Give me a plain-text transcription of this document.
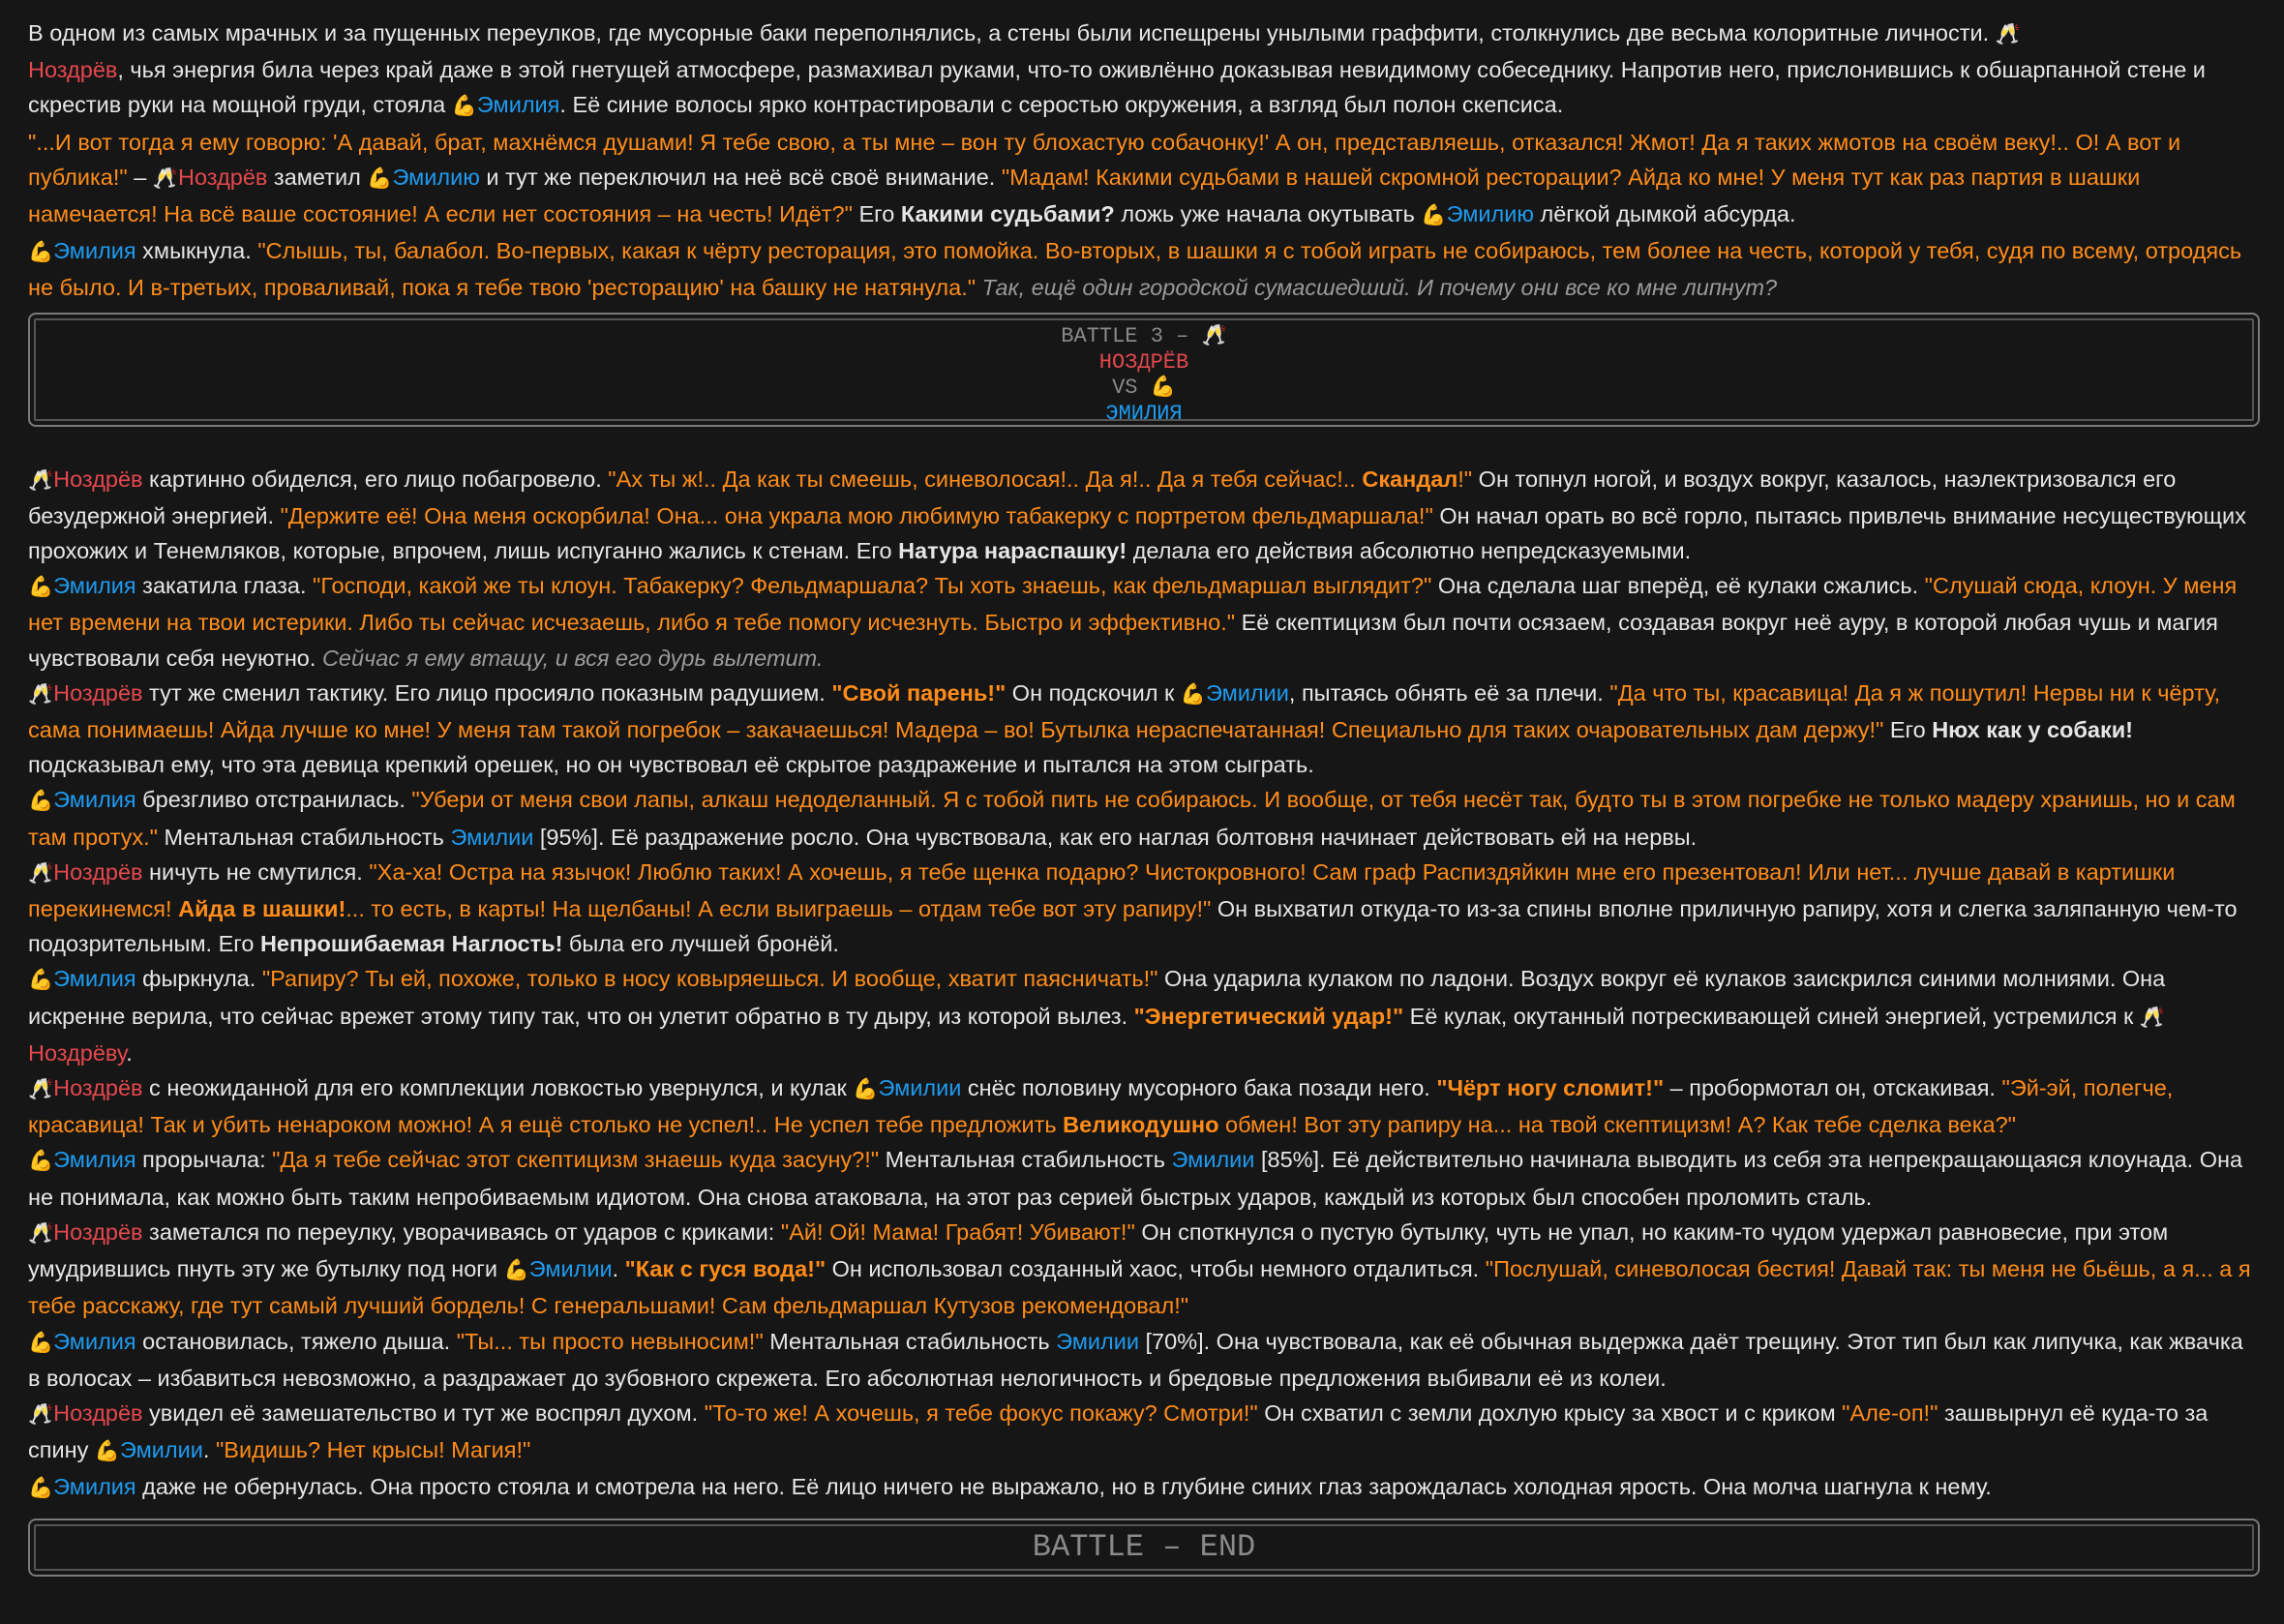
В одном из самых мрачных и за пущенных переулков, где мусорные баки переполнялись, а стены были испещрены унылыми граффити, столкнулись две весьма колоритные личности. 🥂
Ноздрёв, чья энергия била через край даже в этой гнетущей атмосфере, размахивал руками, что-то оживлённо доказывая невидимому собеседнику. Напротив него, прислонившись к обшарпанной стене и скрестив руки на мощной груди, стояла 💪Эмилия. Её синие волосы ярко контрастировали с серостью окружения, а взгляд был полон скепсиса.
"...И вот тогда я ему говорю: 'А давай, брат, махнёмся душами! Я тебе свою, а ты мне – вон ту блохастую собачонку!' А он, представляешь, отказался! Жмот! Да я таких жмотов на своём веку!.. О! А вот и публика!" – 🥂Ноздрёв заметил 💪Эмилию и тут же переключил на неё всё своё внимание. "Мадам! Какими судьбами в нашей скромной ресторации? Айда ко мне! У меня тут как раз партия в шашки намечается! На всё ваше состояние! А если нет состояния – на честь! Идёт?" Его Какими судьбами? ложь уже начала окутывать 💪Эмилию лёгкой дымкой абсурда.
💪Эмилия хмыкнула. "Слышь, ты, балабол. Во-первых, какая к чёрту ресторация, это помойка. Во-вторых, в шашки я с тобой играть не собираюсь, тем более на честь, которой у тебя, судя по всему, отродясь не было. И в-третьих, проваливай, пока я тебе твою 'ресторацию' на башку не натянула." Так, ещё один городской сумасшедший. И почему они все ко мне липнут?

BATTLE 3 – 🥂
НОЗДРЁВ
VS 💪
ЭМИЛИЯ

🥂Ноздрёв картинно обиделся, его лицо побагровело. "Ах ты ж!.. Да как ты смеешь, синеволосая!.. Да я!.. Да я тебя сейчас!.. Скандал!" Он топнул ногой, и воздух вокруг, казалось, наэлектризовался его безудержной энергией. "Держите её! Она меня оскорбила! Она... она украла мою любимую табакерку с портретом фельдмаршала!" Он начал орать во всё горло, пытаясь привлечь внимание несуществующих прохожих и Тенемляков, которые, впрочем, лишь испуганно жались к стенам. Его Натура нараспашку! делала его действия абсолютно непредсказуемыми.
💪Эмилия закатила глаза. "Господи, какой же ты клоун. Табакерку? Фельдмаршала? Ты хоть знаешь, как фельдмаршал выглядит?" Она сделала шаг вперёд, её кулаки сжались. "Слушай сюда, клоун. У меня нет времени на твои истерики. Либо ты сейчас исчезаешь, либо я тебе помогу исчезнуть. Быстро и эффективно." Её скептицизм был почти осязаем, создавая вокруг неё ауру, в которой любая чушь и магия чувствовали себя неуютно. Сейчас я ему втащу, и вся его дурь вылетит.
🥂Ноздрёв тут же сменил тактику. Его лицо просияло показным радушием. "Свой парень!" Он подскочил к 💪Эмилии, пытаясь обнять её за плечи. "Да что ты, красавица! Да я ж пошутил! Нервы ни к чёрту, сама понимаешь! Айда лучше ко мне! У меня там такой погребок – закачаешься! Мадера – во! Бутылка нераспечатанная! Специально для таких очаровательных дам держу!" Его Нюх как у собаки! подсказывал ему, что эта девица крепкий орешек, но он чувствовал её скрытое раздражение и пытался на этом сыграть.
💪Эмилия брезгливо отстранилась. "Убери от меня свои лапы, алкаш недоделанный. Я с тобой пить не собираюсь. И вообще, от тебя несёт так, будто ты в этом погребке не только мадеру хранишь, но и сам там протух." Ментальная стабильность Эмилии [95%]. Её раздражение росло. Она чувствовала, как его наглая болтовня начинает действовать ей на нервы.
🥂Ноздрёв ничуть не смутился. "Ха-ха! Остра на язычок! Люблю таких! А хочешь, я тебе щенка подарю? Чистокровного! Сам граф Распиздяйкин мне его презентовал! Или нет... лучше давай в картишки перекинемся! Айда в шашки!... то есть, в карты! На щелбаны! А если выиграешь – отдам тебе вот эту рапиру!" Он выхватил откуда-то из-за спины вполне приличную рапиру, хотя и слегка заляпанную чем-то подозрительным. Его Непрошибаемая Наглость! была его лучшей бронёй.
💪Эмилия фыркнула. "Рапиру? Ты ей, похоже, только в носу ковыряешься. И вообще, хватит паясничать!" Она ударила кулаком по ладони. Воздух вокруг её кулаков заискрился синими молниями. Она искренне верила, что сейчас врежет этому типу так, что он улетит обратно в ту дыру, из которой вылез. "Энергетический удар!" Её кулак, окутанный потрескивающей синей энергией, устремился к 🥂Ноздрёву.
🥂Ноздрёв с неожиданной для его комплекции ловкостью увернулся, и кулак 💪Эмилии снёс половину мусорного бака позади него. "Чёрт ногу сломит!" – пробормотал он, отскакивая. "Эй-эй, полегче, красавица! Так и убить ненароком можно! А я ещё столько не успел!.. Не успел тебе предложить Великодушно обмен! Вот эту рапиру на... на твой скептицизм! А? Как тебе сделка века?"
💪Эмилия прорычала: "Да я тебе сейчас этот скептицизм знаешь куда засуну?!" Ментальная стабильность Эмилии [85%]. Её действительно начинала выводить из себя эта непрекращающаяся клоунада. Она не понимала, как можно быть таким непробиваемым идиотом. Она снова атаковала, на этот раз серией быстрых ударов, каждый из которых был способен проломить сталь.
🥂Ноздрёв заметался по переулку, уворачиваясь от ударов с криками: "Ай! Ой! Мама! Грабят! Убивают!" Он споткнулся о пустую бутылку, чуть не упал, но каким-то чудом удержал равновесие, при этом умудрившись пнуть эту же бутылку под ноги 💪Эмилии. "Как с гуся вода!" Он использовал созданный хаос, чтобы немного отдалиться. "Послушай, синеволосая бестия! Давай так: ты меня не бьёшь, а я... а я тебе расскажу, где тут самый лучший бордель! С генеральшами! Сам фельдмаршал Кутузов рекомендовал!"
💪Эмилия остановилась, тяжело дыша. "Ты... ты просто невыносим!" Ментальная стабильность Эмилии [70%]. Она чувствовала, как её обычная выдержка даёт трещину. Этот тип был как липучка, как жвачка в волосах – избавиться невозможно, а раздражает до зубовного скрежета. Его абсолютная нелогичность и бредовые предложения выбивали её из колеи.
🥂Ноздрёв увидел её замешательство и тут же воспрял духом. "То-то же! А хочешь, я тебе фокус покажу? Смотри!" Он схватил с земли дохлую крысу за хвост и с криком "Але-оп!" зашвырнул её куда-то за спину 💪Эмилии. "Видишь? Нет крысы! Магия!"
💪Эмилия даже не обернулась. Она просто стояла и смотрела на него. Её лицо ничего не выражало, но в глубине синих глаз зарождалась холодная ярость. Она молча шагнула к нему.

BATTLE – END
